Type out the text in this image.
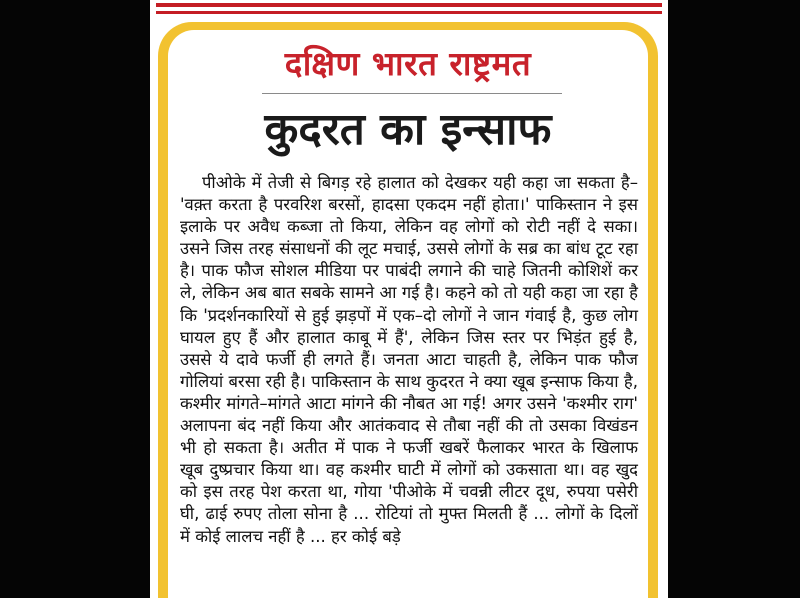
दक्षिण भारत राष्ट्रमत
कुदरत का इन्साफ

पीओके में तेजी से बिगड़ रहे हालात को देखकर यही कहा जा सकता है– 'वक़्त करता है परवरिश बरसों, हादसा एकदम नहीं होता।' पाकिस्तान ने इस इलाके पर अवैध कब्जा तो किया, लेकिन वह लोगों को रोटी नहीं दे सका। उसने जिस तरह संसाधनों की लूट मचाई, उससे लोगों के सब्र का बांध टूट रहा है। पाक फौज सोशल मीडिया पर पाबंदी लगाने की चाहे जितनी कोशिशें कर ले, लेकिन अब बात सबके सामने आ गई है। कहने को तो यही कहा जा रहा है कि 'प्रदर्शनकारियों से हुई झड़पों में एक–दो लोगों ने जान गंवाई है, कुछ लोग घायल हुए हैं और हालात काबू में हैं', लेकिन जिस स्तर पर भिड़ंत हुई है, उससे ये दावे फर्जी ही लगते हैं। जनता आटा चाहती है, लेकिन पाक फौज गोलियां बरसा रही है। पाकिस्तान के साथ कुदरत ने क्या खूब इन्साफ किया है, कश्मीर मांगते–मांगते आटा मांगने की नौबत आ गई! अगर उसने 'कश्मीर राग' अलापना बंद नहीं किया और आतंकवाद से तौबा नहीं की तो उसका विखंडन भी हो सकता है। अतीत में पाक ने फर्जी खबरें फैलाकर भारत के खिलाफ खूब दुष्प्रचार किया था। वह कश्मीर घाटी में लोगों को उकसाता था। वह खुद को इस तरह पेश करता था, गोया 'पीओके में चवन्नी लीटर दूध, रुपया पसेरी घी, ढाई रुपए तोला सोना है ... रोटियां तो मुफ्त मिलती हैं ... लोगों के दिलों में कोई लालच नहीं है ... हर कोई बड़े
